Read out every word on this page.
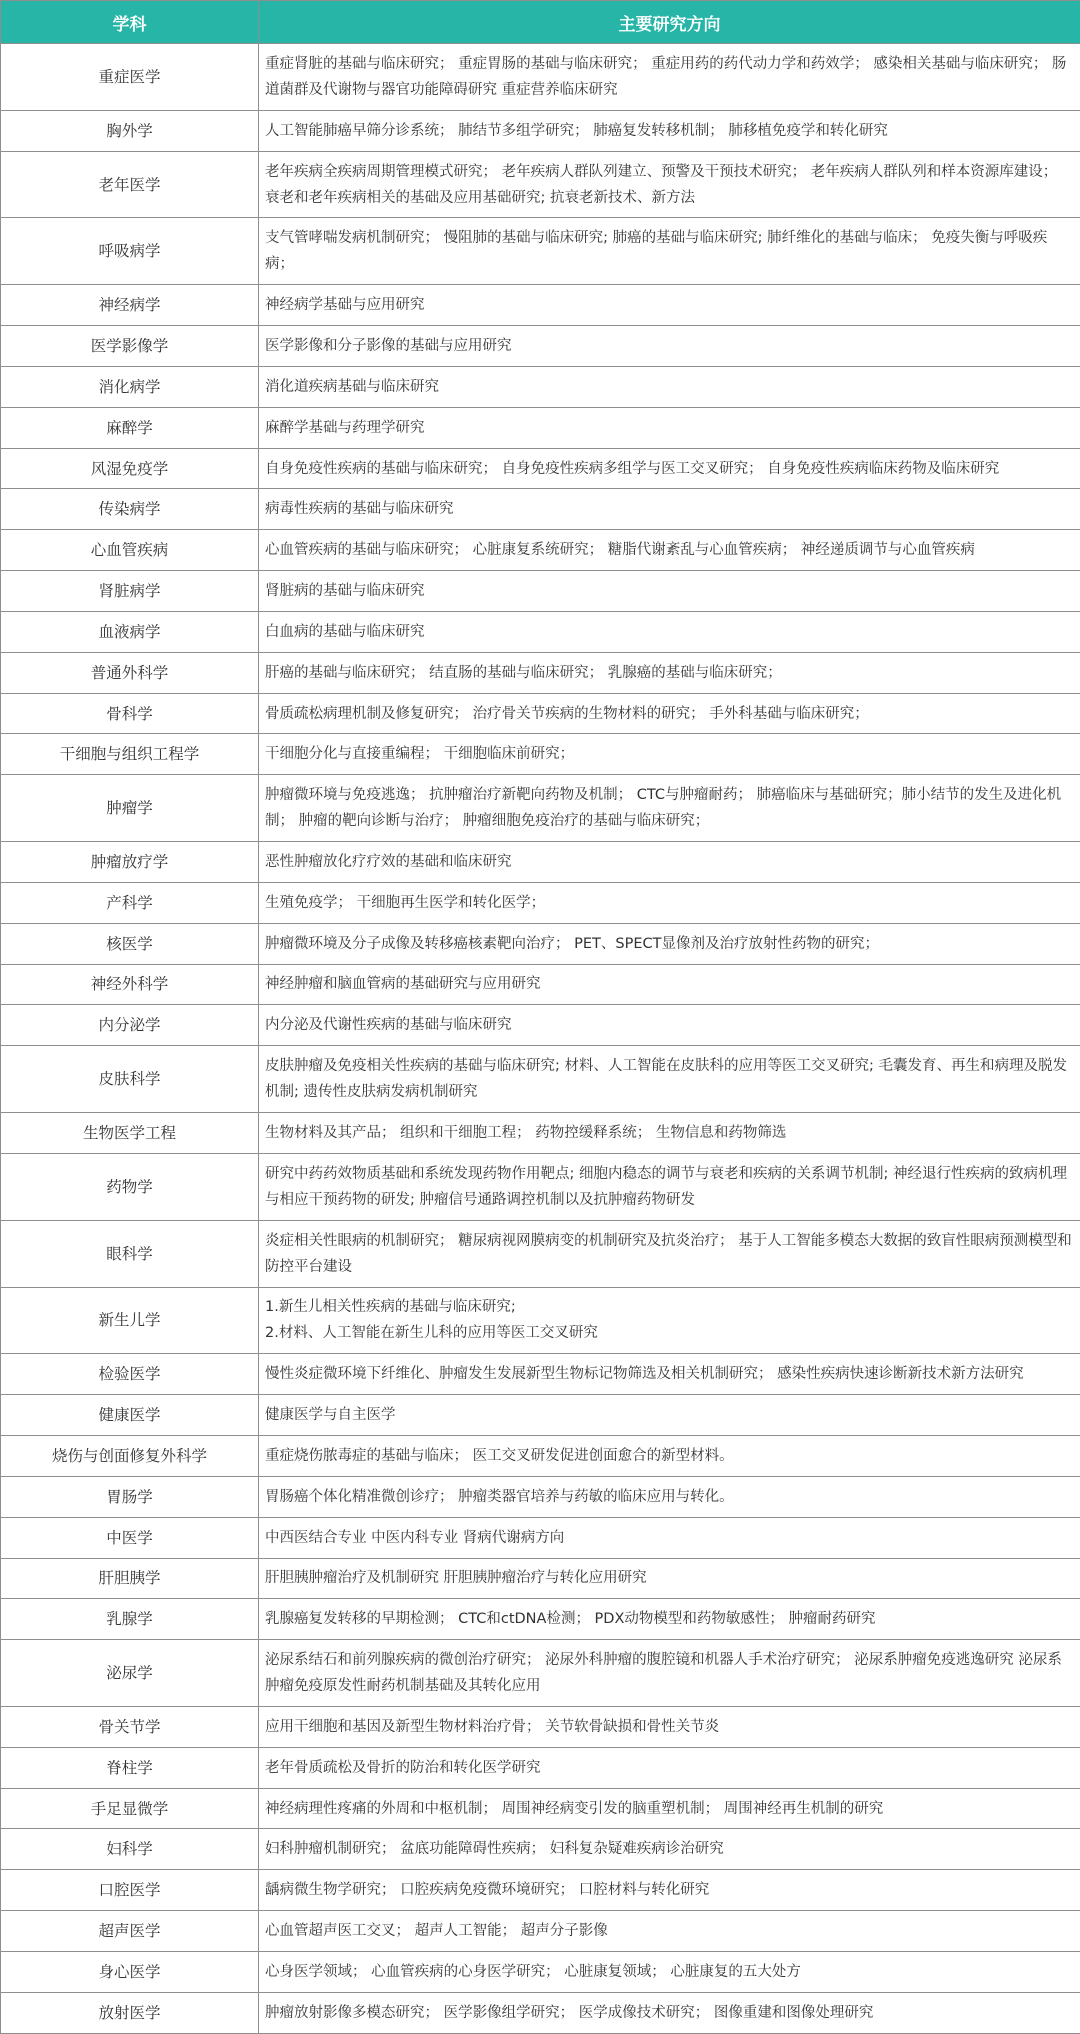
学科	主要研究方向
重症医学	重症肾脏的基础与临床研究； 重症胃肠的基础与临床研究； 重症用药的药代动力学和药效学； 感染相关基础与临床研究； 肠道菌群及代谢物与器官功能障碍研究 重症营养临床研究

胸外学	人工智能肺癌早筛分诊系统； 肺结节多组学研究； 肺癌复发转移机制； 肺移植免疫学和转化研究

老年医学	老年疾病全疾病周期管理模式研究； 老年疾病人群队列建立、预警及干预技术研究； 老年疾病人群队列和样本资源库建设； 衰老和老年疾病相关的基础及应用基础研究; 抗衰老新技术、新方法

呼吸病学	支气管哮喘发病机制研究； 慢阻肺的基础与临床研究; 肺癌的基础与临床研究; 肺纤维化的基础与临床； 免疫失衡与呼吸疾病；

神经病学	神经病学基础与应用研究

医学影像学	医学影像和分子影像的基础与应用研究

消化病学	消化道疾病基础与临床研究

麻醉学	麻醉学基础与药理学研究

风湿免疫学	自身免疫性疾病的基础与临床研究； 自身免疫性疾病多组学与医工交叉研究； 自身免疫性疾病临床药物及临床研究

传染病学	病毒性疾病的基础与临床研究

心血管疾病	心血管疾病的基础与临床研究； 心脏康复系统研究； 糖脂代谢紊乱与心血管疾病； 神经递质调节与心血管疾病

肾脏病学	肾脏病的基础与临床研究

血液病学	白血病的基础与临床研究

普通外科学	肝癌的基础与临床研究； 结直肠的基础与临床研究； 乳腺癌的基础与临床研究；

骨科学	骨质疏松病理机制及修复研究； 治疗骨关节疾病的生物材料的研究； 手外科基础与临床研究；

干细胞与组织工程学	干细胞分化与直接重编程； 干细胞临床前研究；

肿瘤学	肿瘤微环境与免疫逃逸； 抗肿瘤治疗新靶向药物及机制； CTC与肿瘤耐药； 肺癌临床与基础研究；肺小结节的发生及进化机制； 肿瘤的靶向诊断与治疗； 肿瘤细胞免疫治疗的基础与临床研究；

肿瘤放疗学	恶性肿瘤放化疗疗效的基础和临床研究

产科学	生殖免疫学； 干细胞再生医学和转化医学；

核医学	肿瘤微环境及分子成像及转移癌核素靶向治疗； PET、SPECT显像剂及治疗放射性药物的研究；

神经外科学	神经肿瘤和脑血管病的基础研究与应用研究

内分泌学	内分泌及代谢性疾病的基础与临床研究

皮肤科学	皮肤肿瘤及免疫相关性疾病的基础与临床研究; 材料、人工智能在皮肤科的应用等医工交叉研究; 毛囊发育、再生和病理及脱发机制; 遗传性皮肤病发病机制研究

生物医学工程	生物材料及其产品； 组织和干细胞工程； 药物控缓释系统； 生物信息和药物筛选

药物学	研究中药药效物质基础和系统发现药物作用靶点; 细胞内稳态的调节与衰老和疾病的关系调节机制; 神经退行性疾病的致病机理与相应干预药物的研发; 肿瘤信号通路调控机制以及抗肿瘤药物研发

眼科学	炎症相关性眼病的机制研究； 糖尿病视网膜病变的机制研究及抗炎治疗； 基于人工智能多模态大数据的致盲性眼病预测模型和防控平台建设

新生儿学	1.新生儿相关性疾病的基础与临床研究;
2.材料、人工智能在新生儿科的应用等医工交叉研究

检验医学	慢性炎症微环境下纤维化、肿瘤发生发展新型生物标记物筛选及相关机制研究； 感染性疾病快速诊断新技术新方法研究

健康医学	健康医学与自主医学

烧伤与创面修复外科学	重症烧伤脓毒症的基础与临床； 医工交叉研发促进创面愈合的新型材料。

胃肠学	胃肠癌个体化精准微创诊疗； 肿瘤类器官培养与药敏的临床应用与转化。

中医学	中西医结合专业 中医内科专业 肾病代谢病方向

肝胆胰学	肝胆胰肿瘤治疗及机制研究 肝胆胰肿瘤治疗与转化应用研究

乳腺学	乳腺癌复发转移的早期检测； CTC和ctDNA检测； PDX动物模型和药物敏感性； 肿瘤耐药研究

泌尿学	泌尿系结石和前列腺疾病的微创治疗研究； 泌尿外科肿瘤的腹腔镜和机器人手术治疗研究； 泌尿系肿瘤免疫逃逸研究 泌尿系肿瘤免疫原发性耐药机制基础及其转化应用

骨关节学	应用干细胞和基因及新型生物材料治疗骨； 关节软骨缺损和骨性关节炎

脊柱学	老年骨质疏松及骨折的防治和转化医学研究

手足显微学	神经病理性疼痛的外周和中枢机制； 周围神经病变引发的脑重塑机制； 周围神经再生机制的研究

妇科学	妇科肿瘤机制研究； 盆底功能障碍性疾病； 妇科复杂疑难疾病诊治研究

口腔医学	龋病微生物学研究； 口腔疾病免疫微环境研究； 口腔材料与转化研究

超声医学	心血管超声医工交叉； 超声人工智能； 超声分子影像

身心医学	心身医学领域； 心血管疾病的心身医学研究； 心脏康复领域； 心脏康复的五大处方

放射医学	肿瘤放射影像多模态研究； 医学影像组学研究； 医学成像技术研究； 图像重建和图像处理研究
